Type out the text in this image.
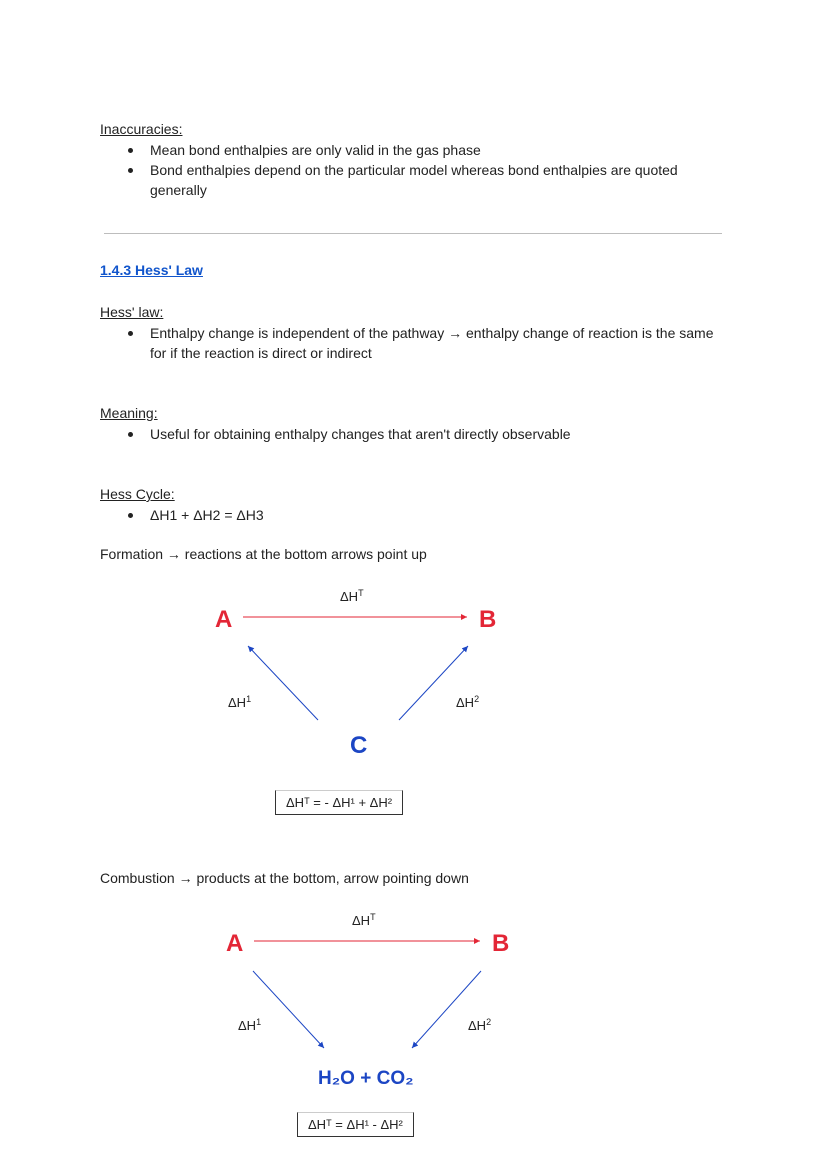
Inaccuracies:
Mean bond enthalpies are only valid in the gas phase
Bond enthalpies depend on the particular model whereas bond enthalpies are quoted generally
1.4.3 Hess' Law
Hess' law:
Enthalpy change is independent of the pathway → enthalpy change of reaction is the same for if the reaction is direct or indirect
Meaning:
Useful for obtaining enthalpy changes that aren't directly observable
Hess Cycle:
ΔH1 + ΔH2 = ΔH3
Formation → reactions at the bottom arrows point up
A	B
$\Delta H^T$
$\Delta H^1$	$\Delta H^2$
C
ΔHᵀ = - ΔH¹ + ΔH²
Combustion → products at the bottom, arrow pointing down
A	B
$\Delta H^T$
$\Delta H^1$	$\Delta H^2$
H₂O + CO₂
ΔHᵀ = ΔH¹ - ΔH²
